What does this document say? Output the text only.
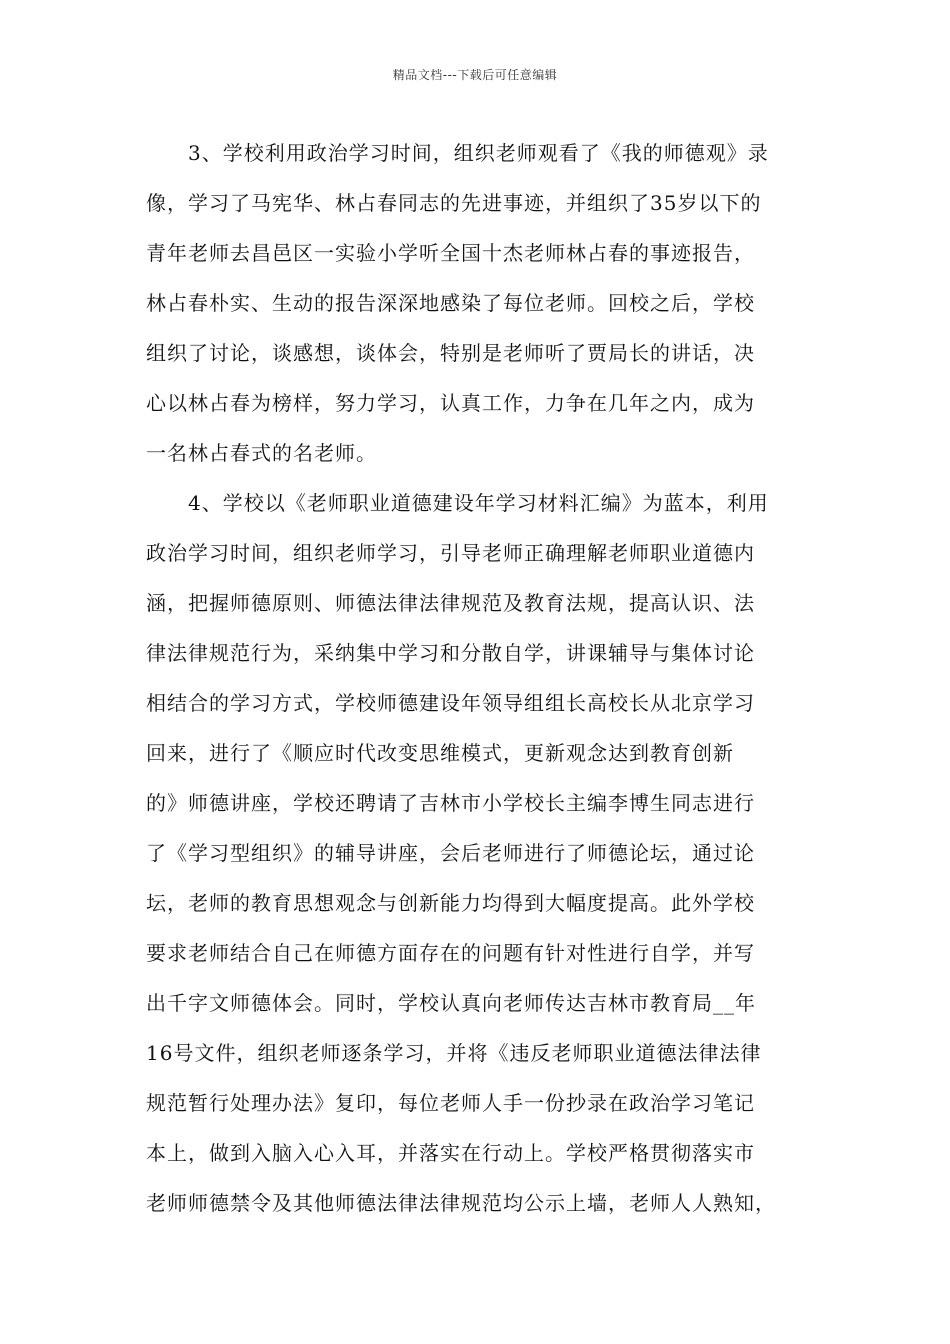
精品文档---下载后可任意编辑
3、学校利用政治学习时间，组织老师观看了《我的师德观》录
像，学习了马宪华、林占春同志的先进事迹，并组织了35岁以下的
青年老师去昌邑区一实验小学听全国十杰老师林占春的事迹报告，
林占春朴实、生动的报告深深地感染了每位老师。回校之后，学校
组织了讨论，谈感想，谈体会，特别是老师听了贾局长的讲话，决
心以林占春为榜样，努力学习，认真工作，力争在几年之内，成为
一名林占春式的名老师。
4、学校以《老师职业道德建设年学习材料汇编》为蓝本，利用
政治学习时间，组织老师学习，引导老师正确理解老师职业道德内
涵，把握师德原则、师德法律法律规范及教育法规，提高认识、法
律法律规范行为，采纳集中学习和分散自学，讲课辅导与集体讨论
相结合的学习方式，学校师德建设年领导组组长高校长从北京学习
回来，进行了《顺应时代改变思维模式，更新观念达到教育创新
的》师德讲座，学校还聘请了吉林市小学校长主编李博生同志进行
了《学习型组织》的辅导讲座，会后老师进行了师德论坛，通过论
坛，老师的教育思想观念与创新能力均得到大幅度提高。此外学校
要求老师结合自己在师德方面存在的问题有针对性进行自学，并写
出千字文师德体会。同时，学校认真向老师传达吉林市教育局__年
16号文件，组织老师逐条学习，并将《违反老师职业道德法律法律
规范暂行处理办法》复印，每位老师人手一份抄录在政治学习笔记
本上，做到入脑入心入耳，并落实在行动上。学校严格贯彻落实市
老师师德禁令及其他师德法律法律规范均公示上墙，老师人人熟知，
